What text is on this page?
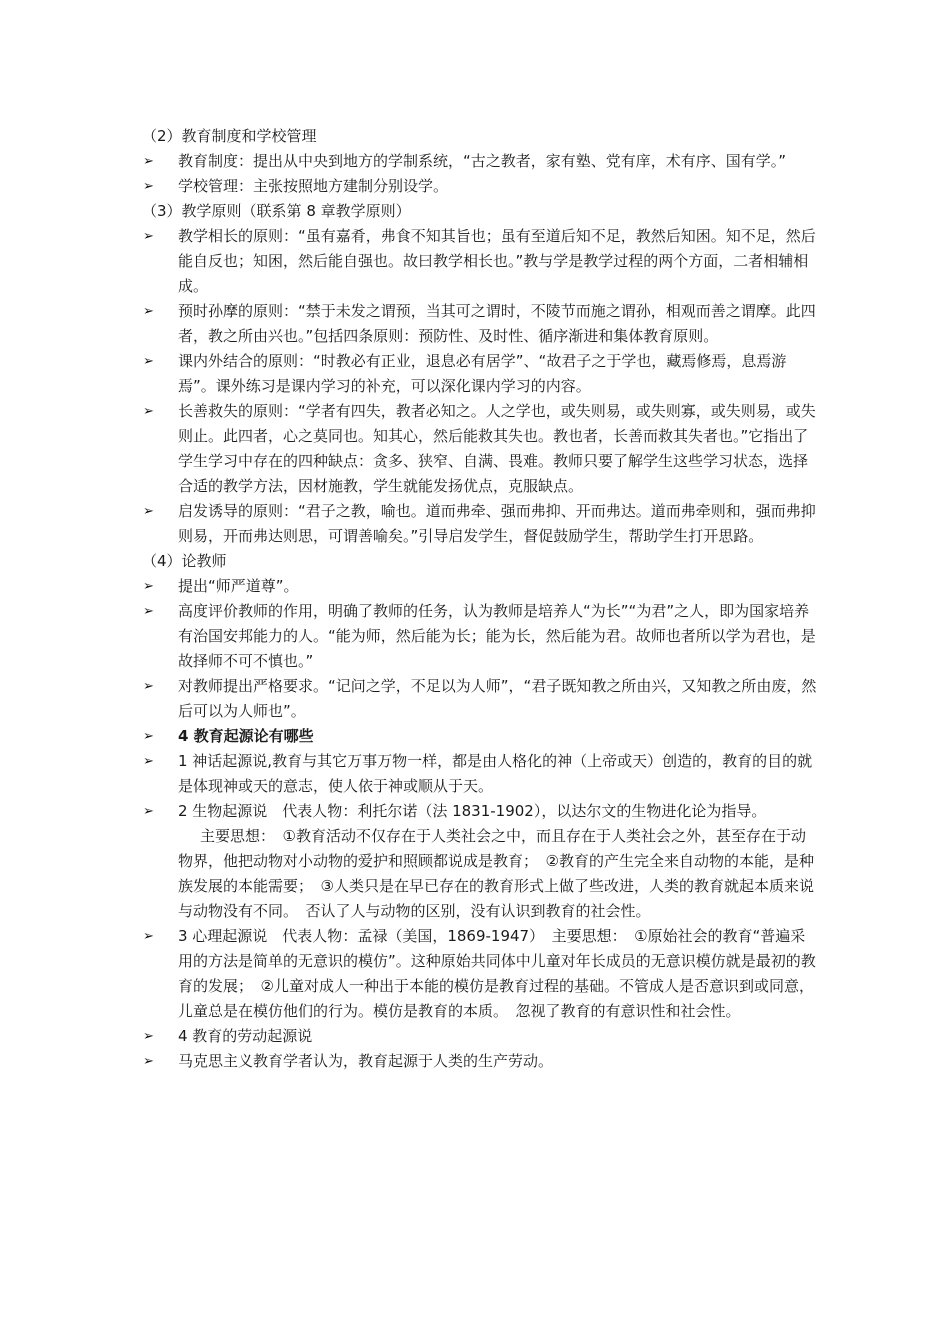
（2）教育制度和学校管理
➢	教育制度：提出从中央到地方的学制系统，“古之教者，家有塾、党有庠，术有序、国有学。”
➢	学校管理：主张按照地方建制分别设学。
（3）教学原则（联系第 8 章教学原则）
➢	教学相长的原则：“虽有嘉肴，弗食不知其旨也；虽有至道后知不足，教然后知困。知不足，然后能自反也；知困，然后能自强也。故曰教学相长也。”教与学是教学过程的两个方面，二者相辅相成。
➢	预时孙摩的原则：“禁于未发之谓预，当其可之谓时，不陵节而施之谓孙，相观而善之谓摩。此四者，教之所由兴也。”包括四条原则：预防性、及时性、循序渐进和集体教育原则。
➢	课内外结合的原则：“时教必有正业，退息必有居学”、“故君子之于学也，藏焉修焉，息焉游焉”。课外练习是课内学习的补充，可以深化课内学习的内容。
➢	长善救失的原则：“学者有四失，教者必知之。人之学也，或失则易，或失则寡，或失则易，或失则止。此四者，心之莫同也。知其心，然后能救其失也。教也者，长善而救其失者也。”它指出了学生学习中存在的四种缺点：贪多、狭窄、自满、畏难。教师只要了解学生这些学习状态，选择合适的教学方法，因材施教，学生就能发扬优点，克服缺点。
➢	启发诱导的原则：“君子之教，喻也。道而弗牵、强而弗抑、开而弗达。道而弗牵则和，强而弗抑则易，开而弗达则思，可谓善喻矣。”引导启发学生，督促鼓励学生，帮助学生打开思路。
（4）论教师
➢	提出“师严道尊”。
➢	高度评价教师的作用，明确了教师的任务，认为教师是培养人“为长”“为君”之人，即为国家培养有治国安邦能力的人。“能为师，然后能为长；能为长，然后能为君。故师也者所以学为君也，是故择师不可不慎也。”
➢	对教师提出严格要求。“记问之学，不足以为人师”，“君子既知教之所由兴，又知教之所由废，然后可以为人师也”。
➢	4 教育起源论有哪些
➢	1 神话起源说,教育与其它万事万物一样，都是由人格化的神（上帝或天）创造的，教育的目的就是体现神或天的意志，使人依于神或顺从于天。
➢	2 生物起源说　代表人物：利托尔诺（法 1831-1902），以达尔文的生物进化论为指导。
主要思想：　①教育活动不仅存在于人类社会之中，而且存在于人类社会之外，甚至存在于动物界，他把动物对小动物的爱护和照顾都说成是教育；　②教育的产生完全来自动物的本能，是种族发展的本能需要；　③人类只是在早已存在的教育形式上做了些改进，人类的教育就起本质来说与动物没有不同。　否认了人与动物的区别，没有认识到教育的社会性。
➢	3 心理起源说　代表人物：孟禄（美国，1869-1947）　主要思想：　①原始社会的教育“普遍采用的方法是简单的无意识的模仿”。这种原始共同体中儿童对年长成员的无意识模仿就是最初的教育的发展；　②儿童对成人一种出于本能的模仿是教育过程的基础。不管成人是否意识到或同意，儿童总是在模仿他们的行为。模仿是教育的本质。　忽视了教育的有意识性和社会性。
➢	4 教育的劳动起源说
➢	马克思主义教育学者认为，教育起源于人类的生产劳动。
